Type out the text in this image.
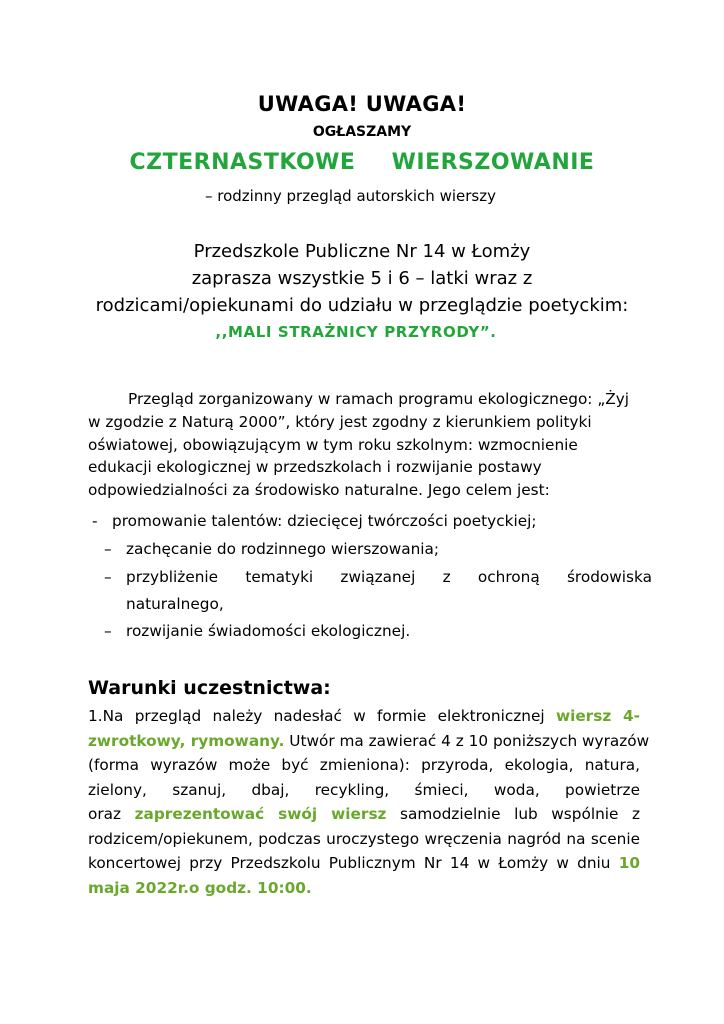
UWAGA! UWAGA!
OGŁASZAMY
CZTERNASTKOWE WIERSZOWANIE
– rodzinny przegląd autorskich wierszy
Przedszkole Publiczne Nr 14 w Łomży
zaprasza wszystkie 5 i 6 – latki wraz z
rodzicami/opiekunami do udziału w przeglądzie poetyckim:
,,MALI STRAŻNICY PRZYRODY”.
Przegląd zorganizowany w ramach programu ekologicznego: „Żyj
w zgodzie z Naturą 2000”, który jest zgodny z kierunkiem polityki
oświatowej, obowiązującym w tym roku szkolnym: wzmocnienie
edukacji ekologicznej w przedszkolach i rozwijanie postawy
odpowiedzialności za środowisko naturalne. Jego celem jest:
- promowanie talentów: dziecięcej twórczości poetyckiej;
– zachęcanie do rodzinnego wierszowania;
– przybliżenie tematyki związanej z ochroną środowiska
naturalnego,
– rozwijanie świadomości ekologicznej.
Warunki uczestnictwa:
1.Na przegląd należy nadesłać w formie elektronicznej wiersz 4-
zwrotkowy, rymowany. Utwór ma zawierać 4 z 10 poniższych wyrazów
(forma wyrazów może być zmieniona): przyroda, ekologia, natura,
zielony, szanuj, dbaj, recykling, śmieci, woda, powietrze
oraz zaprezentować swój wiersz samodzielnie lub wspólnie z
rodzicem/opiekunem, podczas uroczystego wręczenia nagród na scenie
koncertowej przy Przedszkolu Publicznym Nr 14 w Łomży w dniu 10
maja 2022r.o godz. 10:00.
